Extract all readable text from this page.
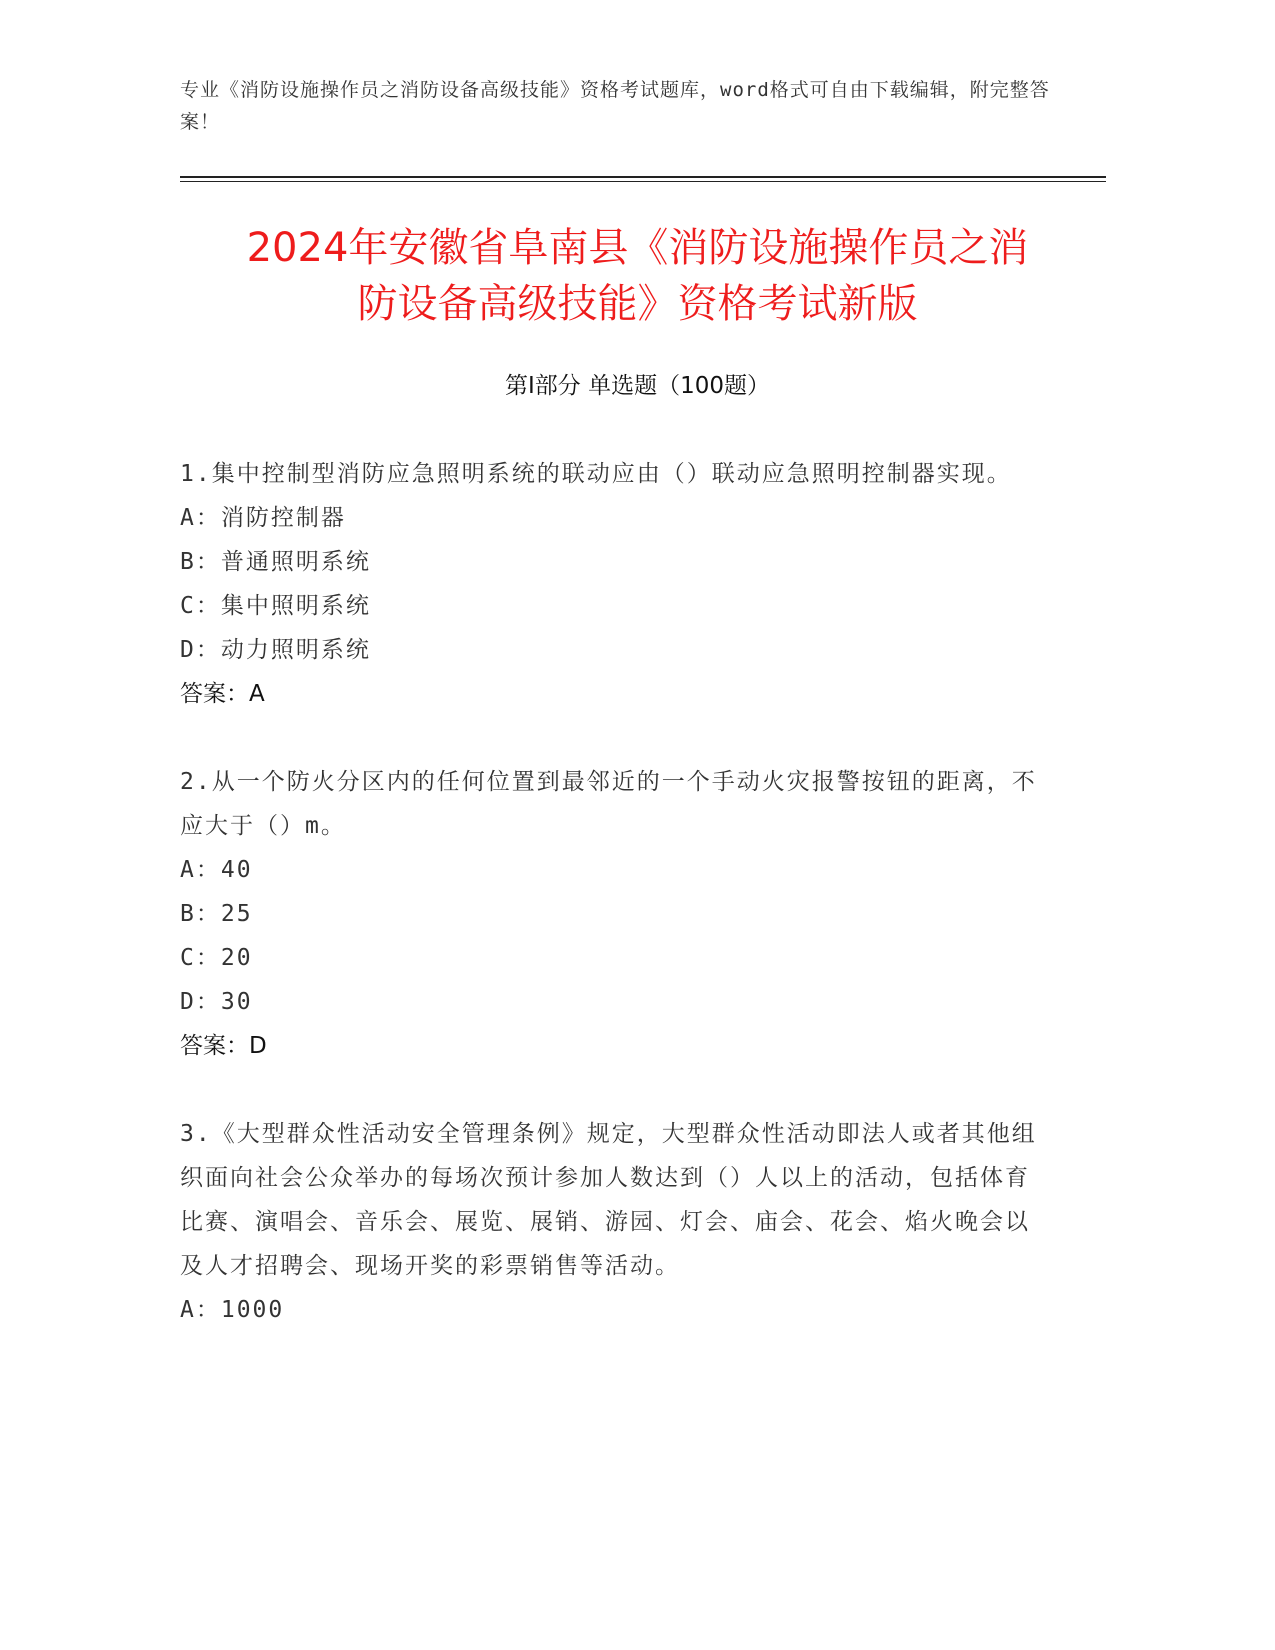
专业《消防设施操作员之消防设备高级技能》资格考试题库，word格式可自由下载编辑，附完整答案！
2024年安徽省阜南县《消防设施操作员之消
防设备高级技能》资格考试新版
第I部分 单选题（100题）
1.集中控制型消防应急照明系统的联动应由（）联动应急照明控制器实现。
A：消防控制器
B：普通照明系统
C：集中照明系统
D：动力照明系统
答案：A
2.从一个防火分区内的任何位置到最邻近的一个手动火灾报警按钮的距离，不应大于（）m。
A：40
B：25
C：20
D：30
答案：D
3.《大型群众性活动安全管理条例》规定，大型群众性活动即法人或者其他组织面向社会公众举办的每场次预计参加人数达到（）人以上的活动，包括体育比赛、演唱会、音乐会、展览、展销、游园、灯会、庙会、花会、焰火晚会以及人才招聘会、现场开奖的彩票销售等活动。
A：1000
